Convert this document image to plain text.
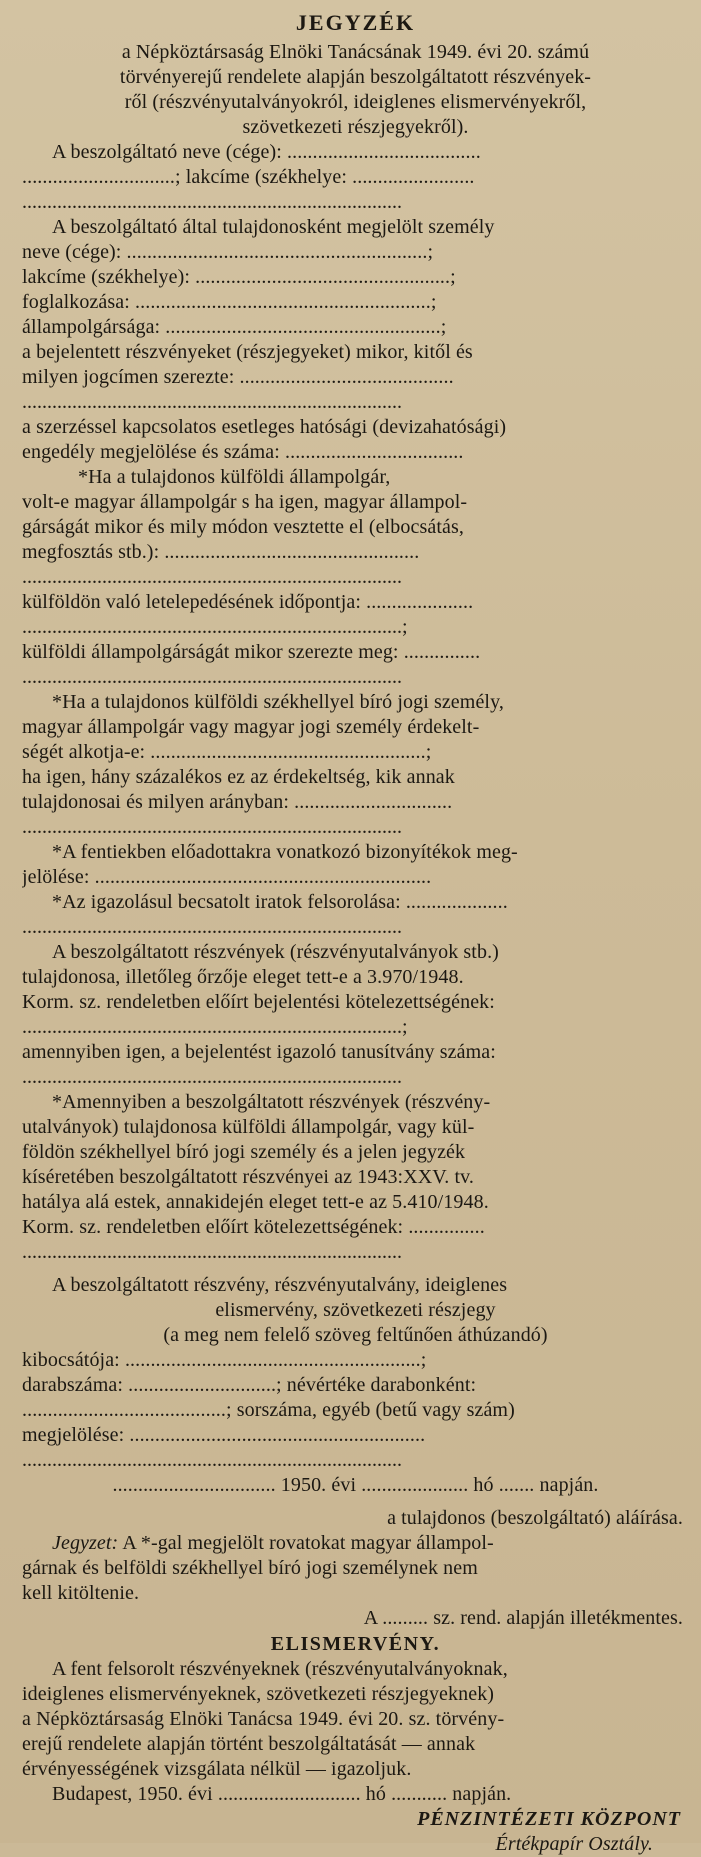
JEGYZÉK
a Népköztársaság Elnöki Tanácsának 1949. évi 20. számú
törvényerejű rendelete alapján beszolgáltatott részvények-
ről (részvényutalványokról, ideiglenes elismervényekről,
szövetkezeti részjegyekről).
A beszolgáltató neve (cége): ......................................
..............................; lakcíme (székhelye: ........................
............................................................................
A beszolgáltató által tulajdonosként megjelölt személy
neve (cége): ...........................................................;
lakcíme (székhelye): ..................................................;
foglalkozása: ..........................................................;
állampolgársága: ......................................................;
a bejelentett részvényeket (részjegyeket) mikor, kitől és
milyen jogcímen szerezte: ..........................................
............................................................................
a szerzéssel kapcsolatos esetleges hatósági (devizahatósági)
engedély megjelölése és száma: ...................................
*Ha a tulajdonos külföldi állampolgár,
volt-e magyar állampolgár s ha igen, magyar állampol-
gárságát mikor és mily módon vesztette el (elbocsátás,
megfosztás stb.): ..................................................
............................................................................
külföldön való letelepedésének időpontja: .....................
............................................................................;
külföldi állampolgárságát mikor szerezte meg: ...............
............................................................................
*Ha a tulajdonos külföldi székhellyel bíró jogi személy,
magyar állampolgár vagy magyar jogi személy érdekelt-
ségét alkotja-e: ......................................................;
ha igen, hány százalékos ez az érdekeltség, kik annak
tulajdonosai és milyen arányban: ...............................
............................................................................
*A fentiekben előadottakra vonatkozó bizonyítékok meg-
jelölése: ..................................................................
*Az igazolásul becsatolt iratok felsorolása: ....................
............................................................................
A beszolgáltatott részvények (részvényutalványok stb.)
tulajdonosa, illetőleg őrzője eleget tett-e a 3.970/1948.
Korm. sz. rendeletben előírt bejelentési kötelezettségének:
............................................................................;
amennyiben igen, a bejelentést igazoló tanusítvány száma:
............................................................................
*Amennyiben a beszolgáltatott részvények (részvény-
utalványok) tulajdonosa külföldi állampolgár, vagy kül-
földön székhellyel bíró jogi személy és a jelen jegyzék
kíséretében beszolgáltatott részvényei az 1943:XXV. tv.
hatálya alá estek, annakidején eleget tett-e az 5.410/1948.
Korm. sz. rendeletben előírt kötelezettségének: ...............
............................................................................
A beszolgáltatott részvény, részvényutalvány, ideiglenes
elismervény, szövetkezeti részjegy
(a meg nem felelő szöveg feltűnően áthúzandó)
kibocsátója: ..........................................................;
darabszáma: .............................; névértéke darabonként:
........................................; sorszáma, egyéb (betű vagy szám)
megjelölése: ..........................................................
............................................................................
................................ 1950. évi ..................... hó ....... napján.
a tulajdonos (beszolgáltató) aláírása.
Jegyzet: A *-gal megjelölt rovatokat magyar állampol-
gárnak és belföldi székhellyel bíró jogi személynek nem
kell kitöltenie.
A ......... sz. rend. alapján illetékmentes.
ELISMERVÉNY.
A fent felsorolt részvényeknek (részvényutalványoknak,
ideiglenes elismervényeknek, szövetkezeti részjegyeknek)
a Népköztársaság Elnöki Tanácsa 1949. évi 20. sz. törvény-
erejű rendelete alapján történt beszolgáltatását — annak
érvényességének vizsgálata nélkül — igazoljuk.
Budapest, 1950. évi ............................ hó ........... napján.
PÉNZINTÉZETI KÖZPONT
Értékpapír Osztály.
